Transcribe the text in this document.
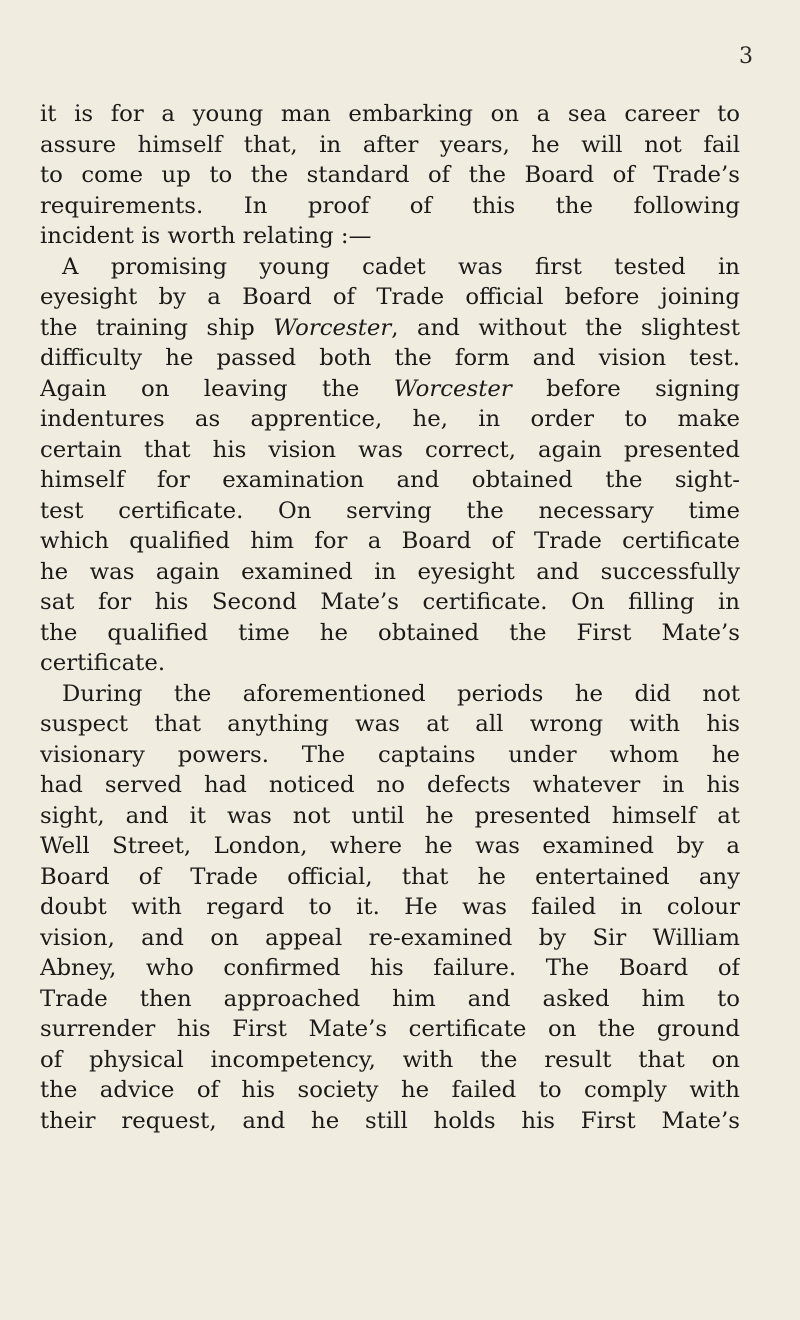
3
it is for a young man embarking on a sea career to
assure himself that, in after years, he will not fail
to come up to the standard of the Board of Trade’s
requirements. In proof of this the following
incident is worth relating :—
A promising young cadet was first tested in
eyesight by a Board of Trade official before joining
the training ship Worcester, and without the slightest
difficulty he passed both the form and vision test.
Again on leaving the Worcester before signing
indentures as apprentice, he, in order to make
certain that his vision was correct, again presented
himself for examination and obtained the sight-
test certificate. On serving the necessary time
which qualified him for a Board of Trade certificate
he was again examined in eyesight and successfully
sat for his Second Mate’s certificate. On filling in
the qualified time he obtained the First Mate’s
certificate.
During the aforementioned periods he did not
suspect that anything was at all wrong with his
visionary powers. The captains under whom he
had served had noticed no defects whatever in his
sight, and it was not until he presented himself at
Well Street, London, where he was examined by a
Board of Trade official, that he entertained any
doubt with regard to it. He was failed in colour
vision, and on appeal re-examined by Sir William
Abney, who confirmed his failure. The Board of
Trade then approached him and asked him to
surrender his First Mate’s certificate on the ground
of physical incompetency, with the result that on
the advice of his society he failed to comply with
their request, and he still holds his First Mate’s
